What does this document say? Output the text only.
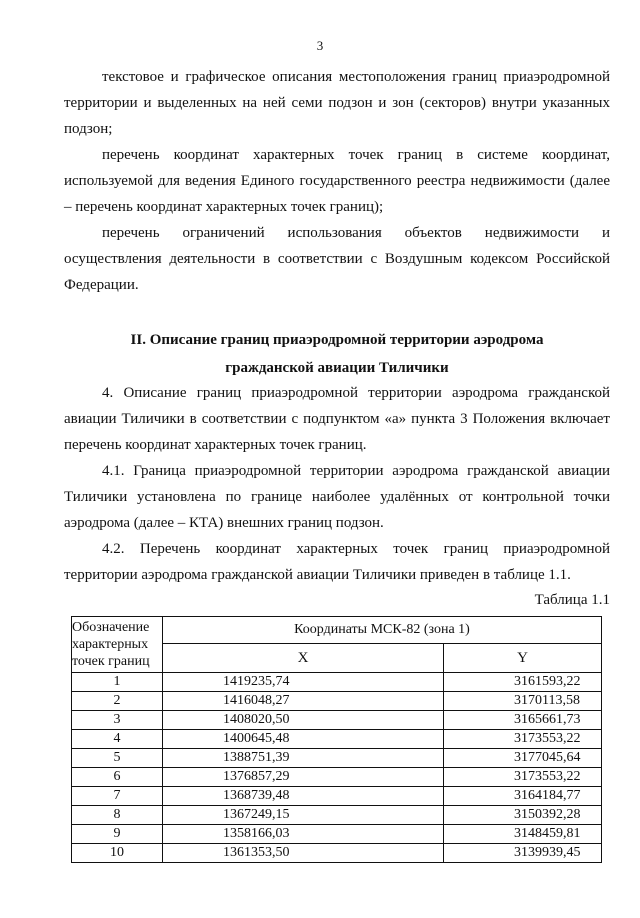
3
текстовое и графическое описания местоположения границ приаэродромной территории и выделенных на ней семи подзон и зон (секторов) внутри указанных подзон;
перечень координат характерных точек границ в системе координат, используемой для ведения Единого государственного реестра недвижимости (далее – перечень координат характерных точек границ);
перечень ограничений использования объектов недвижимости и осуществления деятельности в соответствии с Воздушным кодексом Российской Федерации.
II. Описание границ приаэродромной территории аэродрома
гражданской авиации Тиличики
4. Описание границ приаэродромной территории аэродрома гражданской авиации Тиличики в соответствии с подпунктом «а» пункта 3 Положения включает перечень координат характерных точек границ.
4.1. Граница приаэродромной территории аэродрома гражданской авиации Тиличики установлена по границе наиболее удалённых от контрольной точки аэродрома (далее – КТА) внешних границ подзон.
4.2. Перечень координат характерных точек границ приаэродромной территории аэродрома гражданской авиации Тиличики приведен в таблице 1.1.
Таблица 1.1
Обозначение характерных точек границ	Координаты МСК-82 (зона 1)	
	X	Y
1	1419235,74	3161593,22
2	1416048,27	3170113,58
3	1408020,50	3165661,73
4	1400645,48	3173553,22
5	1388751,39	3177045,64
6	1376857,29	3173553,22
7	1368739,48	3164184,77
8	1367249,15	3150392,28
9	1358166,03	3148459,81
10	1361353,50	3139939,45
